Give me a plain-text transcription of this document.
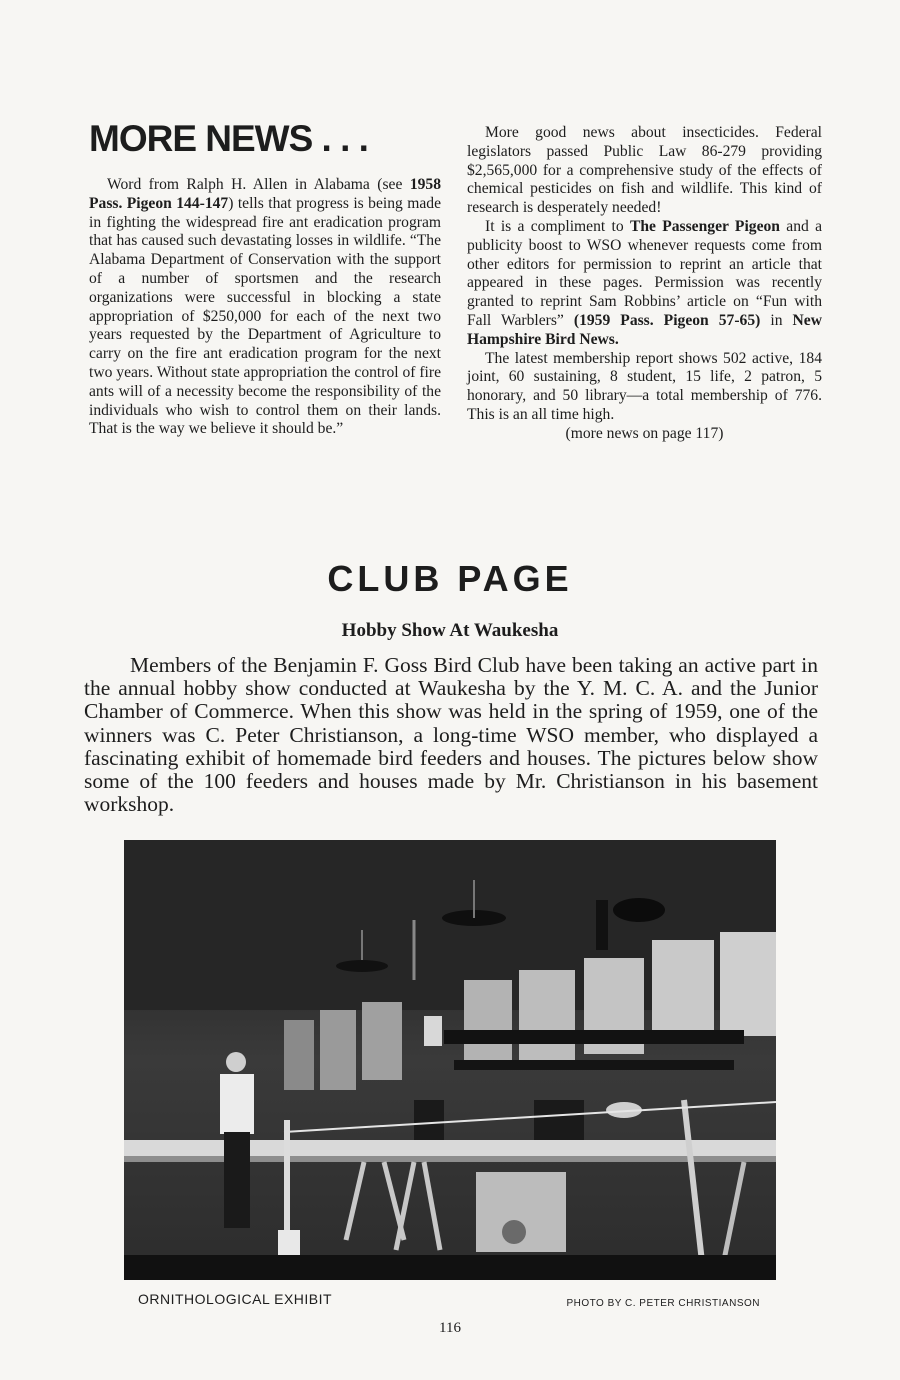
MORE NEWS . . .

Word from Ralph H. Allen in Alabama (see 1958 Pass. Pigeon 144-147) tells that progress is being made in fighting the widespread fire ant eradication program that has caused such devastating losses in wildlife. “The Alabama Department of Conservation with the support of a number of sportsmen and the research organizations were successful in blocking a state appropriation of $250,000 for each of the next two years requested by the Department of Agriculture to carry on the fire ant eradication program for the next two years. Without state appropriation the control of fire ants will of a necessity become the responsibility of the individuals who wish to control them on their lands. That is the way we believe it should be.”

More good news about insecticides. Federal legislators passed Public Law 86-279 providing $2,565,000 for a comprehensive study of the effects of chemical pesticides on fish and wildlife. This kind of research is desperately needed!

It is a compliment to The Passenger Pigeon and a publicity boost to WSO whenever requests come from other editors for permission to reprint an article that appeared in these pages. Permission was recently granted to reprint Sam Robbins’ article on “Fun with Fall Warblers” (1959 Pass. Pigeon 57-65) in New Hampshire Bird News.

The latest membership report shows 502 active, 184 joint, 60 sustaining, 8 student, 15 life, 2 patron, 5 honorary, and 50 library—a total membership of 776. This is an all time high.

(more news on page 117)

CLUB PAGE
Hobby Show At Waukesha

Members of the Benjamin F. Goss Bird Club have been taking an active part in the annual hobby show conducted at Waukesha by the Y. M. C. A. and the Junior Chamber of Commerce. When this show was held in the spring of 1959, one of the winners was C. Peter Christianson, a long-time WSO member, who displayed a fascinating exhibit of homemade bird feeders and houses. The pictures below show some of the 100 feeders and houses made by Mr. Christianson in his basement workshop.

ORNITHOLOGICAL EXHIBIT	PHOTO BY C. PETER CHRISTIANSON

116
